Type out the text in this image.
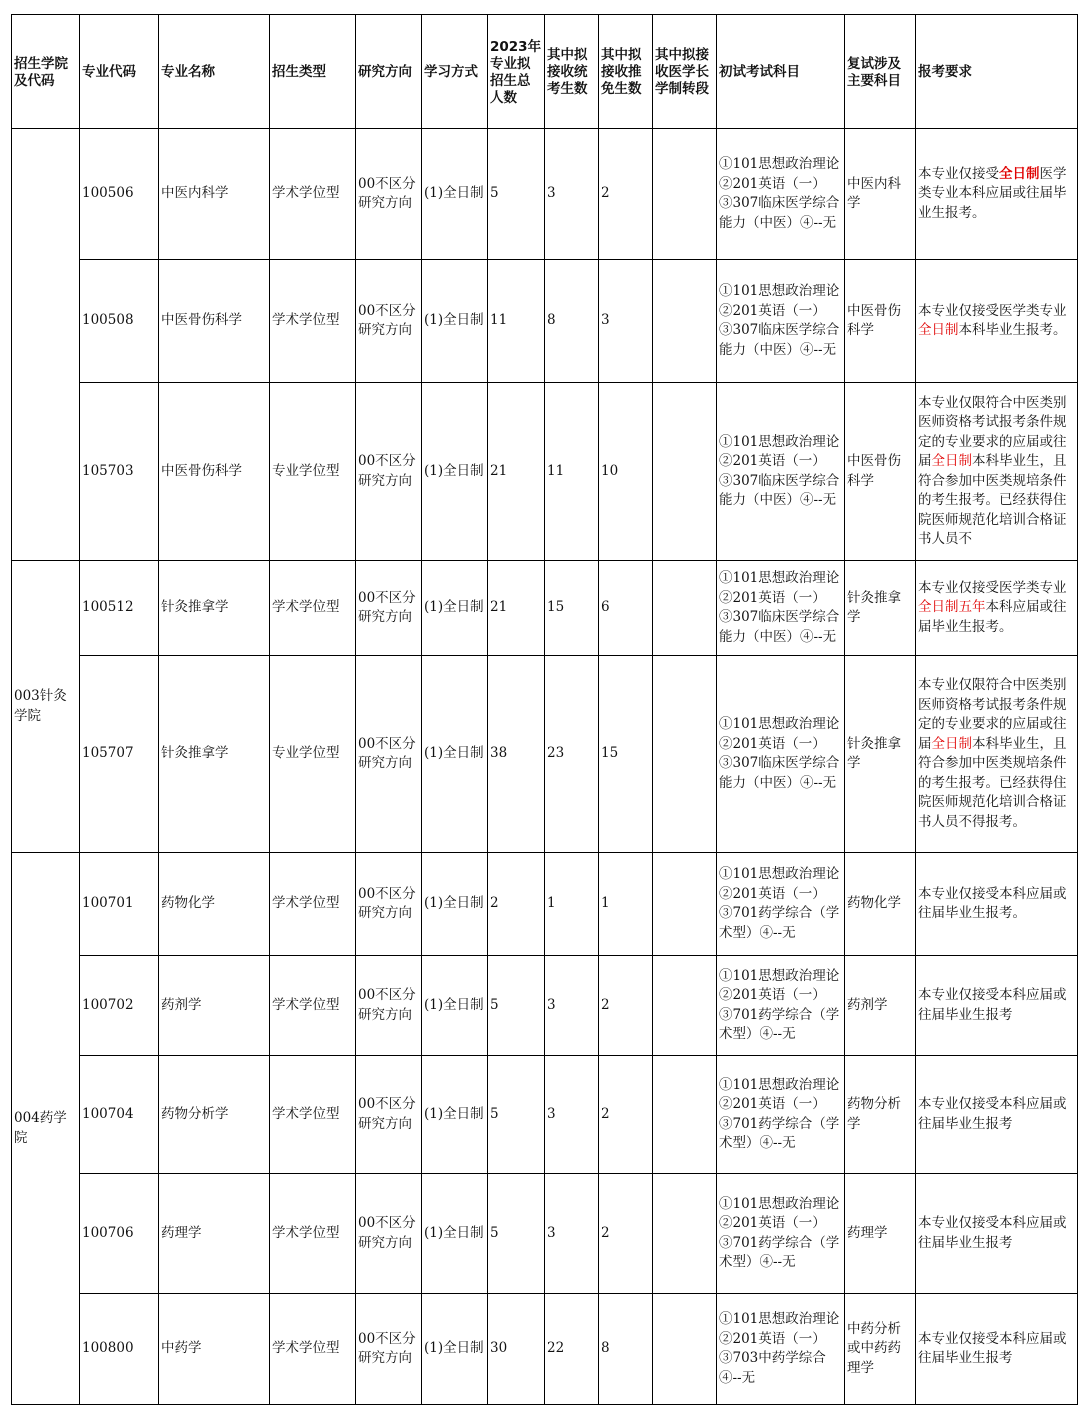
招生学院及代码	专业代码	专业名称	招生类型	研究方向	学习方式	2023年专业拟招生总人数	其中拟接收统考生数	其中拟接收推免生数	其中拟接收医学长学制转段	初试考试科目	复试涉及主要科目	报考要求

	100506	中医内科学	学术学位型	00不区分研究方向	(1)全日制	5	3	2		①101思想政治理论②201英语（一）③307临床医学综合能力（中医）④--无	中医内科学	本专业仅接受全日制医学类专业本科应届或往届毕业生报考。

	100508	中医骨伤科学	学术学位型	00不区分研究方向	(1)全日制	11	8	3		①101思想政治理论②201英语（一）③307临床医学综合能力（中医）④--无	中医骨伤科学	本专业仅接受医学类专业全日制本科毕业生报考。

	105703	中医骨伤科学	专业学位型	00不区分研究方向	(1)全日制	21	11	10		①101思想政治理论②201英语（一）③307临床医学综合能力（中医）④--无	中医骨伤科学	本专业仅限符合中医类别医师资格考试报考条件规定的专业要求的应届或往届全日制本科毕业生，且符合参加中医类规培条件的考生报考。已经获得住院医师规范化培训合格证书人员不

003针灸学院	100512	针灸推拿学	学术学位型	00不区分研究方向	(1)全日制	21	15	6		①101思想政治理论②201英语（一）③307临床医学综合能力（中医）④--无	针灸推拿学	本专业仅接受医学类专业全日制五年本科应届或往届毕业生报考。

	105707	针灸推拿学	专业学位型	00不区分研究方向	(1)全日制	38	23	15		①101思想政治理论②201英语（一）③307临床医学综合能力（中医）④--无	针灸推拿学	本专业仅限符合中医类别医师资格考试报考条件规定的专业要求的应届或往届全日制本科毕业生，且符合参加中医类规培条件的考生报考。已经获得住院医师规范化培训合格证书人员不得报考。

004药学院	100701	药物化学	学术学位型	00不区分研究方向	(1)全日制	2	1	1		①101思想政治理论②201英语（一）③701药学综合（学术型）④--无	药物化学	本专业仅接受本科应届或往届毕业生报考。

	100702	药剂学	学术学位型	00不区分研究方向	(1)全日制	5	3	2		①101思想政治理论②201英语（一）③701药学综合（学术型）④--无	药剂学	本专业仅接受本科应届或往届毕业生报考

	100704	药物分析学	学术学位型	00不区分研究方向	(1)全日制	5	3	2		①101思想政治理论②201英语（一）③701药学综合（学术型）④--无	药物分析学	本专业仅接受本科应届或往届毕业生报考

	100706	药理学	学术学位型	00不区分研究方向	(1)全日制	5	3	2		①101思想政治理论②201英语（一）③701药学综合（学术型）④--无	药理学	本专业仅接受本科应届或往届毕业生报考

	100800	中药学	学术学位型	00不区分研究方向	(1)全日制	30	22	8		①101思想政治理论②201英语（一）③703中药学综合④--无	中药分析或中药药理学	本专业仅接受本科应届或往届毕业生报考
